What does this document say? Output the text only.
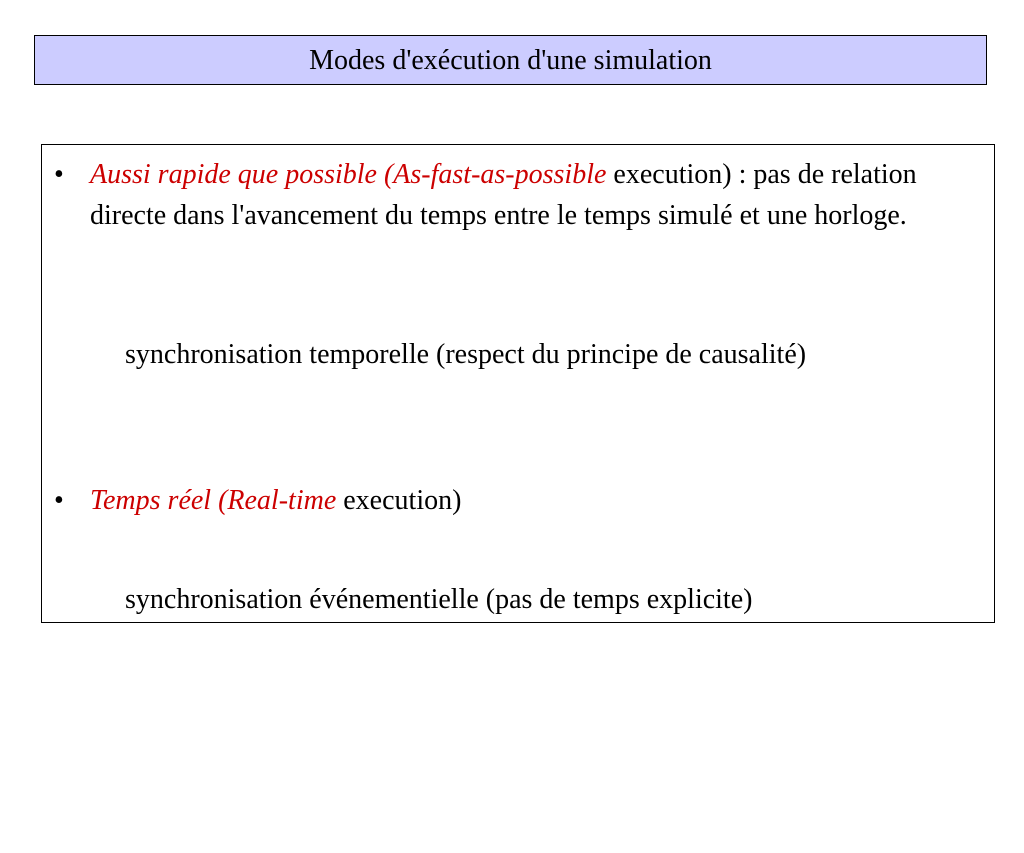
Modes d'exécution d'une simulation
• Aussi rapide que possible (As-fast-as-possible execution) : pas de relation directe dans l'avancement du temps entre le temps simulé et une horloge.
synchronisation temporelle (respect du principe de causalité)
• Temps réel (Real-time execution)
synchronisation événementielle (pas de temps explicite)
